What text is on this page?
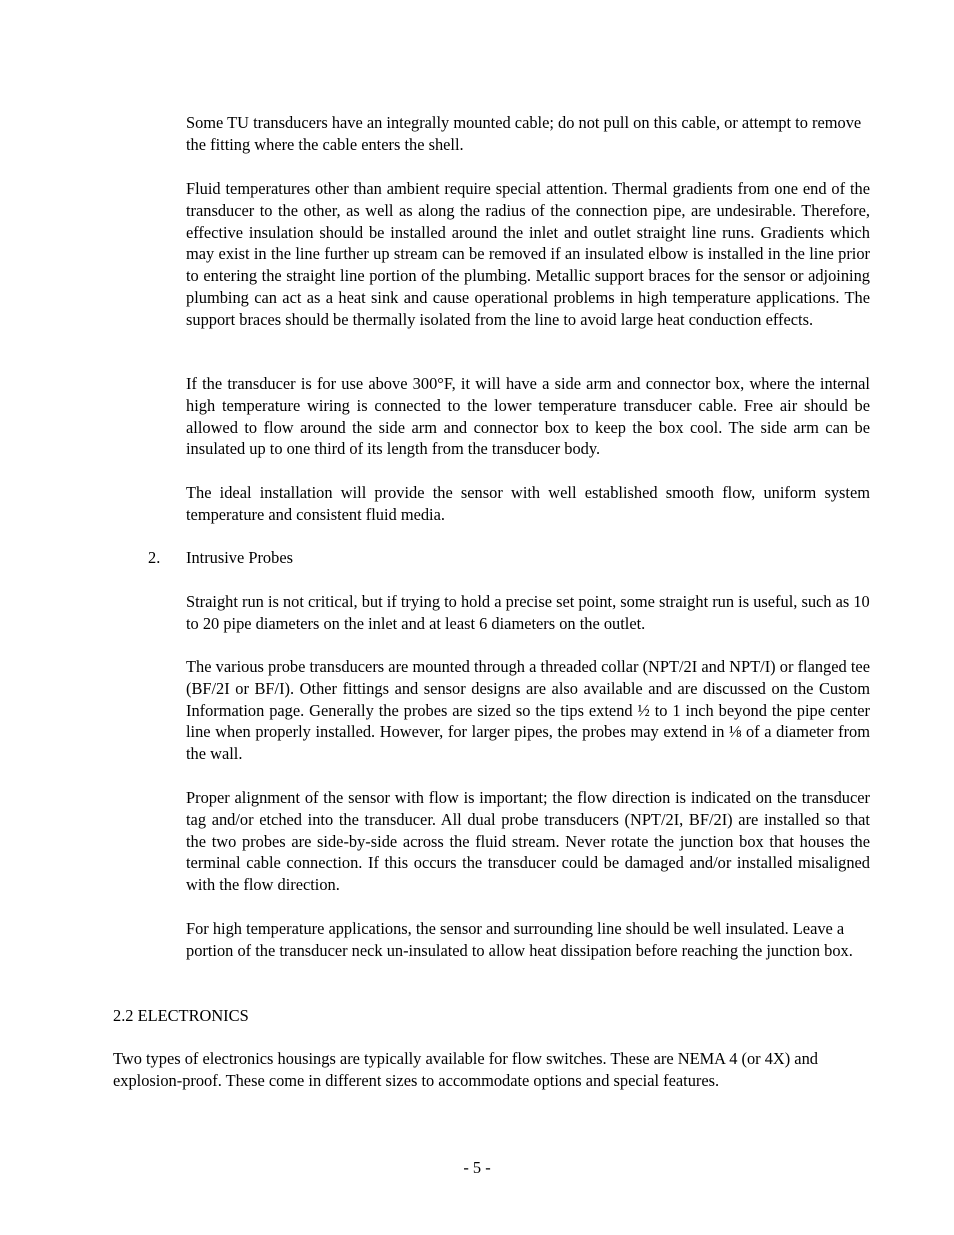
Some TU transducers have an integrally mounted cable; do not pull on this cable, or attempt to remove the fitting where the cable enters the shell.

Fluid temperatures other than ambient require special attention. Thermal gradients from one end of the transducer to the other, as well as along the radius of the connection pipe, are undesirable. Therefore, effective insulation should be installed around the inlet and outlet straight line runs. Gradients which may exist in the line further up stream can be removed if an insulated elbow is installed in the line prior to entering the straight line portion of the plumbing. Metallic support braces for the sensor or adjoining plumbing can act as a heat sink and cause operational problems in high temperature applications. The support braces should be thermally isolated from the line to avoid large heat conduction effects.

If the transducer is for use above 300°F, it will have a side arm and connector box, where the internal high temperature wiring is connected to the lower temperature transducer cable. Free air should be allowed to flow around the side arm and connector box to keep the box cool. The side arm can be insulated up to one third of its length from the transducer body.

The ideal installation will provide the sensor with well established smooth flow, uniform system temperature and consistent fluid media.

2. Intrusive Probes

Straight run is not critical, but if trying to hold a precise set point, some straight run is useful, such as 10 to 20 pipe diameters on the inlet and at least 6 diameters on the outlet.

The various probe transducers are mounted through a threaded collar (NPT/2I and NPT/I) or flanged tee (BF/2I or BF/I). Other fittings and sensor designs are also available and are discussed on the Custom Information page. Generally the probes are sized so the tips extend ½ to 1 inch beyond the pipe center line when properly installed. However, for larger pipes, the probes may extend in ⅛ of a diameter from the wall.

Proper alignment of the sensor with flow is important; the flow direction is indicated on the transducer tag and/or etched into the transducer. All dual probe transducers (NPT/2I, BF/2I) are installed so that the two probes are side-by-side across the fluid stream. Never rotate the junction box that houses the terminal cable connection. If this occurs the transducer could be damaged and/or installed misaligned with the flow direction.

For high temperature applications, the sensor and surrounding line should be well insulated. Leave a portion of the transducer neck un-insulated to allow heat dissipation before reaching the junction box.

2.2 ELECTRONICS

Two types of electronics housings are typically available for flow switches. These are NEMA 4 (or 4X) and explosion-proof. These come in different sizes to accommodate options and special features.

- 5 -
